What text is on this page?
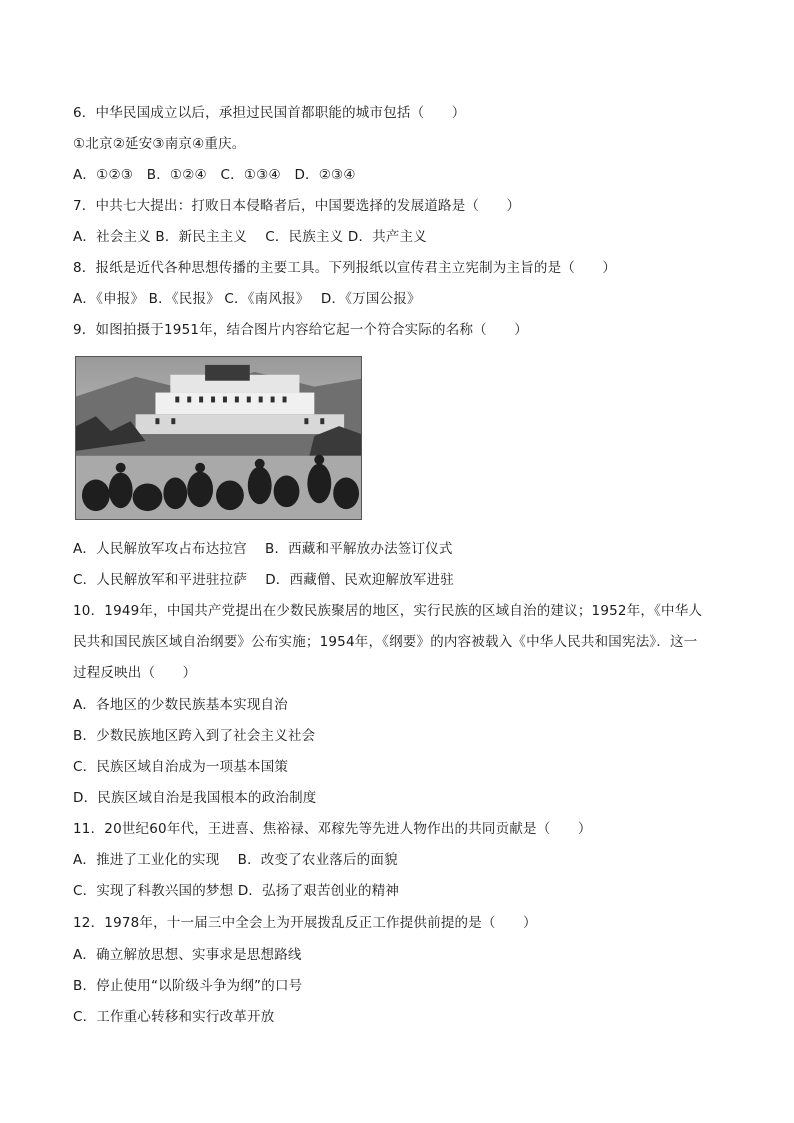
6．中华民国成立以后，承担过民国首都职能的城市包括（　　）
①北京②延安③南京④重庆。
A．①②③　B．①②④　C．①③④　D．②③④
7．中共七大提出：打败日本侵略者后，中国要选择的发展道路是（　　）
A．社会主义 B．新民主主义　 C．民族主义 D．共产主义
8．报纸是近代各种思想传播的主要工具。下列报纸以宣传君主立宪制为主旨的是（　　）
A．《申报》 B．《民报》 C．《南风报》　 D．《万国公报》
9．如图拍摄于1951年，结合图片内容给它起一个符合实际的名称（　　）
A．人民解放军攻占布达拉宫　 B．西藏和平解放办法签订仪式
C．人民解放军和平进驻拉萨　 D．西藏僧、民欢迎解放军进驻
10．1949年，中国共产党提出在少数民族聚居的地区，实行民族的区域自治的建议；1952年，《中华人
民共和国民族区域自治纲要》公布实施；1954年，《纲要》的内容被载入《中华人民共和国宪法》．这一
过程反映出（　　）
A．各地区的少数民族基本实现自治
B．少数民族地区跨入到了社会主义社会
C．民族区域自治成为一项基本国策
D．民族区域自治是我国根本的政治制度
11．20世纪60年代，王进喜、焦裕禄、邓稼先等先进人物作出的共同贡献是（　　）
A．推进了工业化的实现　 B．改变了农业落后的面貌
C．实现了科教兴国的梦想 D．弘扬了艰苦创业的精神
12．1978年，十一届三中全会上为开展拨乱反正工作提供前提的是（　　）
A．确立解放思想、实事求是思想路线
B．停止使用“以阶级斗争为纲”的口号
C．工作重心转移和实行改革开放
